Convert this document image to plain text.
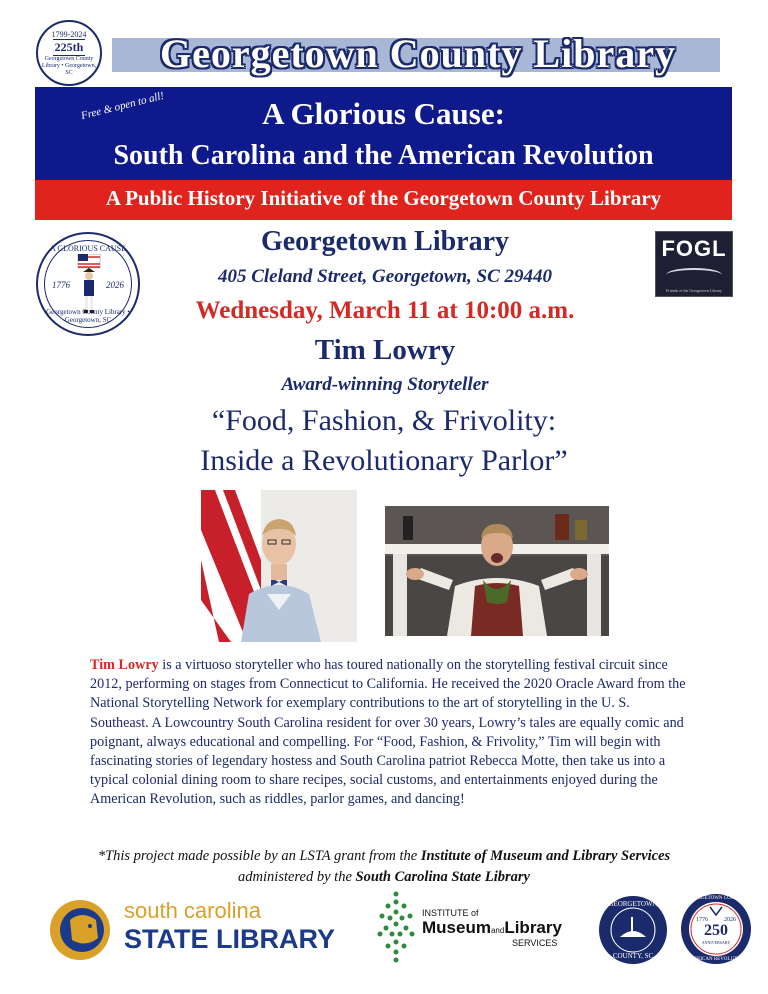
1799-2024
225th
Georgetown County Library • Georgetown, SC	Georgetown County Library
Free & open to all!	A Glorious Cause:
South Carolina and the American Revolution
A Public History Initiative of the Georgetown County Library
A GLORIOUS CAUSE
1776	2026
Georgetown County Library • Georgetown, SC
FOGL
Friends of the Georgetown Library
Georgetown Library
405 Cleland Street, Georgetown, SC 29440
Wednesday, March 11 at 10:00 a.m.
Tim Lowry
Award-winning Storyteller
“Food, Fashion, & Frivolity:
Inside a Revolutionary Parlor”
Tim Lowry is a virtuoso storyteller who has toured nationally on the storytelling festival circuit since 2012, performing on stages from Connecticut to California. He received the 2020 Oracle Award from the National Storytelling Network for exemplary contributions to the art of storytelling in the U. S. Southeast. A Lowcountry South Carolina resident for over 30 years, Lowry’s tales are equally comic and poignant, always educational and compelling. For “Food, Fashion, & Frivolity,” Tim will begin with fascinating stories of legendary hostess and South Carolina patriot Rebecca Motte, then take us into a typical colonial dining room to share recipes, social customs, and entertainments enjoyed during the American Revolution, such as riddles, parlor games, and dancing!
*This project made possible by an LSTA grant from the Institute of Museum and Library Services
administered by the South Carolina State Library
south carolina
STATE LIBRARY
INSTITUTE of
MuseumandLibrary
SERVICES
GEORGETOWN
COUNTY, SC
GEORGETOWN COUNTY
1776	2026
250
ANNIVERSARY
AMERICAN REVOLUTION
